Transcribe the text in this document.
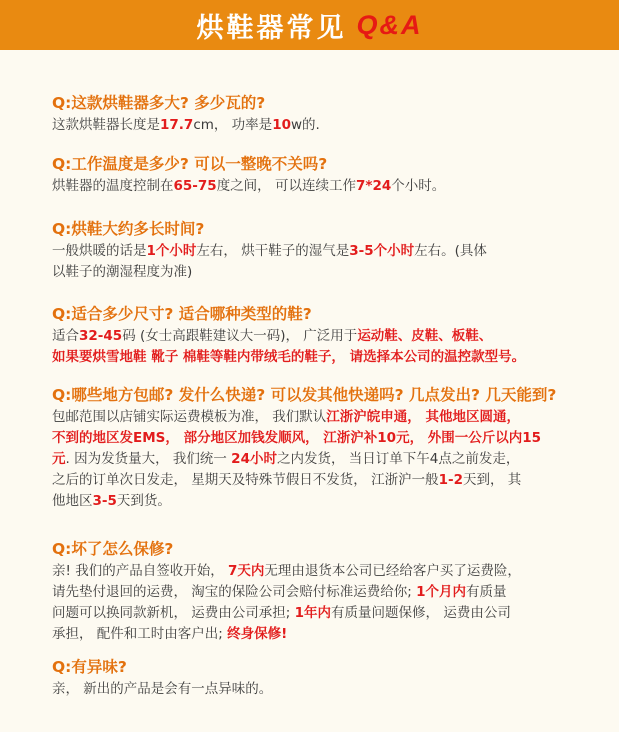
烘鞋器常见 Q&A
Q:这款烘鞋器多大? 多少瓦的?
这款烘鞋器长度是17.7cm， 功率是10w的.
Q:工作温度是多少? 可以一整晚不关吗?
烘鞋器的温度控制在65-75度之间， 可以连续工作7*24个小时。
Q:烘鞋大约多长时间?
一般烘暖的话是1个小时左右， 烘干鞋子的湿气是3-5个小时左右。(具体
以鞋子的潮湿程度为准)
Q:适合多少尺寸? 适合哪种类型的鞋?
适合32-45码 (女士高跟鞋建议大一码)， 广泛用于运动鞋、皮鞋、板鞋、
如果要烘雪地鞋 靴子 棉鞋等鞋内带绒毛的鞋子， 请选择本公司的温控款型号。
Q:哪些地方包邮? 发什么快递? 可以发其他快递吗? 几点发出? 几天能到?
包邮范围以店铺实际运费模板为准， 我们默认江浙沪皖申通， 其他地区圆通，
不到的地区发EMS， 部分地区加钱发顺风， 江浙沪补10元， 外围一公斤以内15
元. 因为发货量大， 我们统一 24小时之内发货， 当日订单下午4点之前发走，
之后的订单次日发走， 星期天及特殊节假日不发货， 江浙沪一般1-2天到， 其
他地区3-5天到货。
Q:坏了怎么保修?
亲! 我们的产品自签收开始， 7天内无理由退货本公司已经给客户买了运费险，
请先垫付退回的运费， 淘宝的保险公司会赔付标准运费给你; 1个月内有质量
问题可以换同款新机， 运费由公司承担; 1年内有质量问题保修， 运费由公司
承担， 配件和工时由客户出; 终身保修!
Q:有异味?
亲， 新出的产品是会有一点异味的。
